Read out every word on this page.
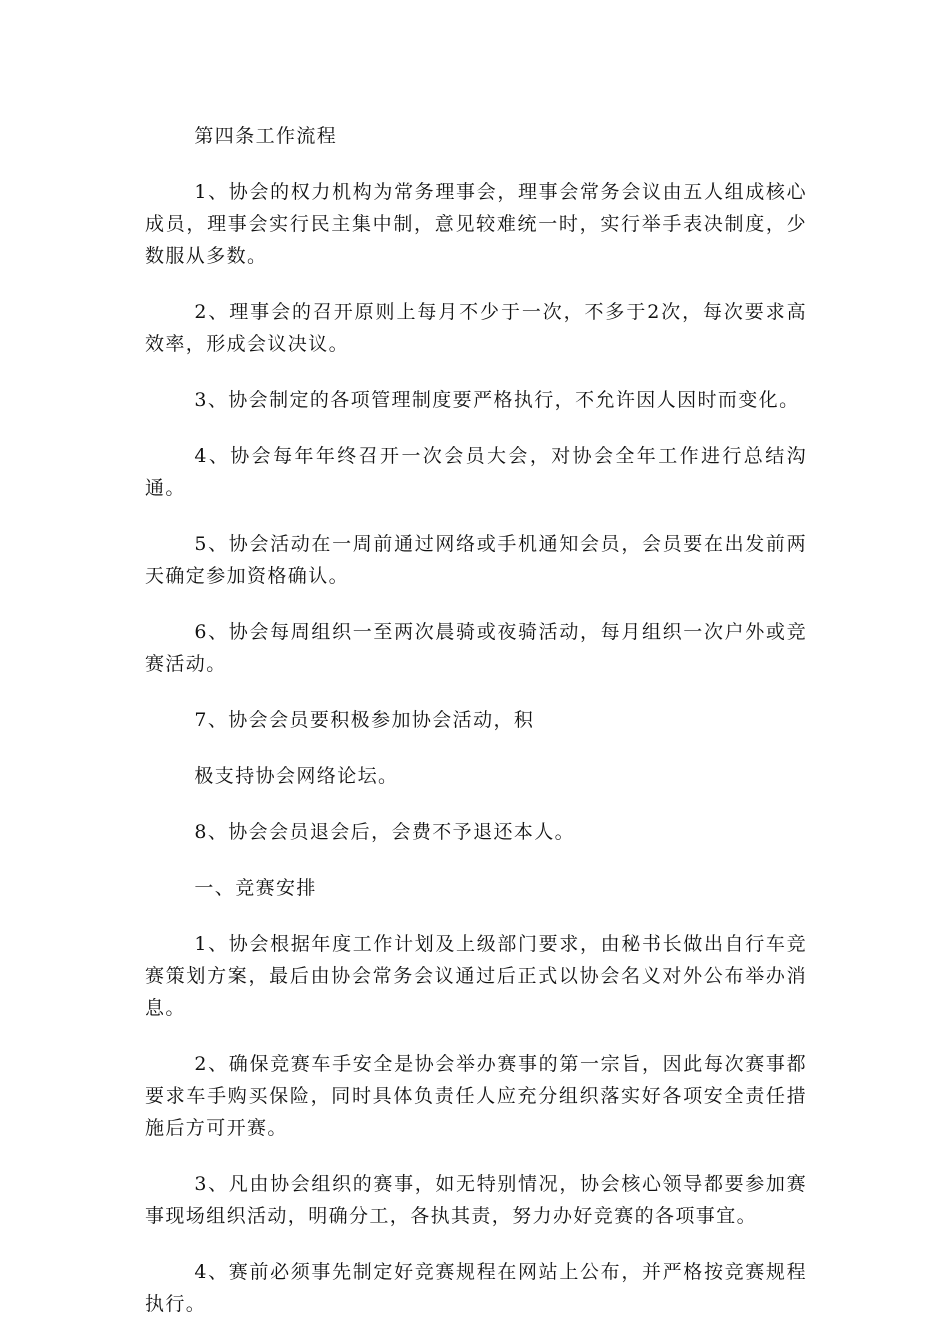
第四条工作流程

1、协会的权力机构为常务理事会，理事会常务会议由五人组成核心成员，理事会实行民主集中制，意见较难统一时，实行举手表决制度，少数服从多数。

2、理事会的召开原则上每月不少于一次，不多于2次，每次要求高效率，形成会议决议。

3、协会制定的各项管理制度要严格执行，不允许因人因时而变化。

4、协会每年年终召开一次会员大会，对协会全年工作进行总结沟通。

5、协会活动在一周前通过网络或手机通知会员，会员要在出发前两天确定参加资格确认。

6、协会每周组织一至两次晨骑或夜骑活动，每月组织一次户外或竞赛活动。

7、协会会员要积极参加协会活动，积

极支持协会网络论坛。

8、协会会员退会后，会费不予退还本人。

一、竞赛安排

1、协会根据年度工作计划及上级部门要求，由秘书长做出自行车竞赛策划方案，最后由协会常务会议通过后正式以协会名义对外公布举办消息。

2、确保竞赛车手安全是协会举办赛事的第一宗旨，因此每次赛事都要求车手购买保险，同时具体负责任人应充分组织落实好各项安全责任措施后方可开赛。

3、凡由协会组织的赛事，如无特别情况，协会核心领导都要参加赛事现场组织活动，明确分工，各执其责，努力办好竞赛的各项事宜。

4、赛前必须事先制定好竞赛规程在网站上公布，并严格按竞赛规程执行。
